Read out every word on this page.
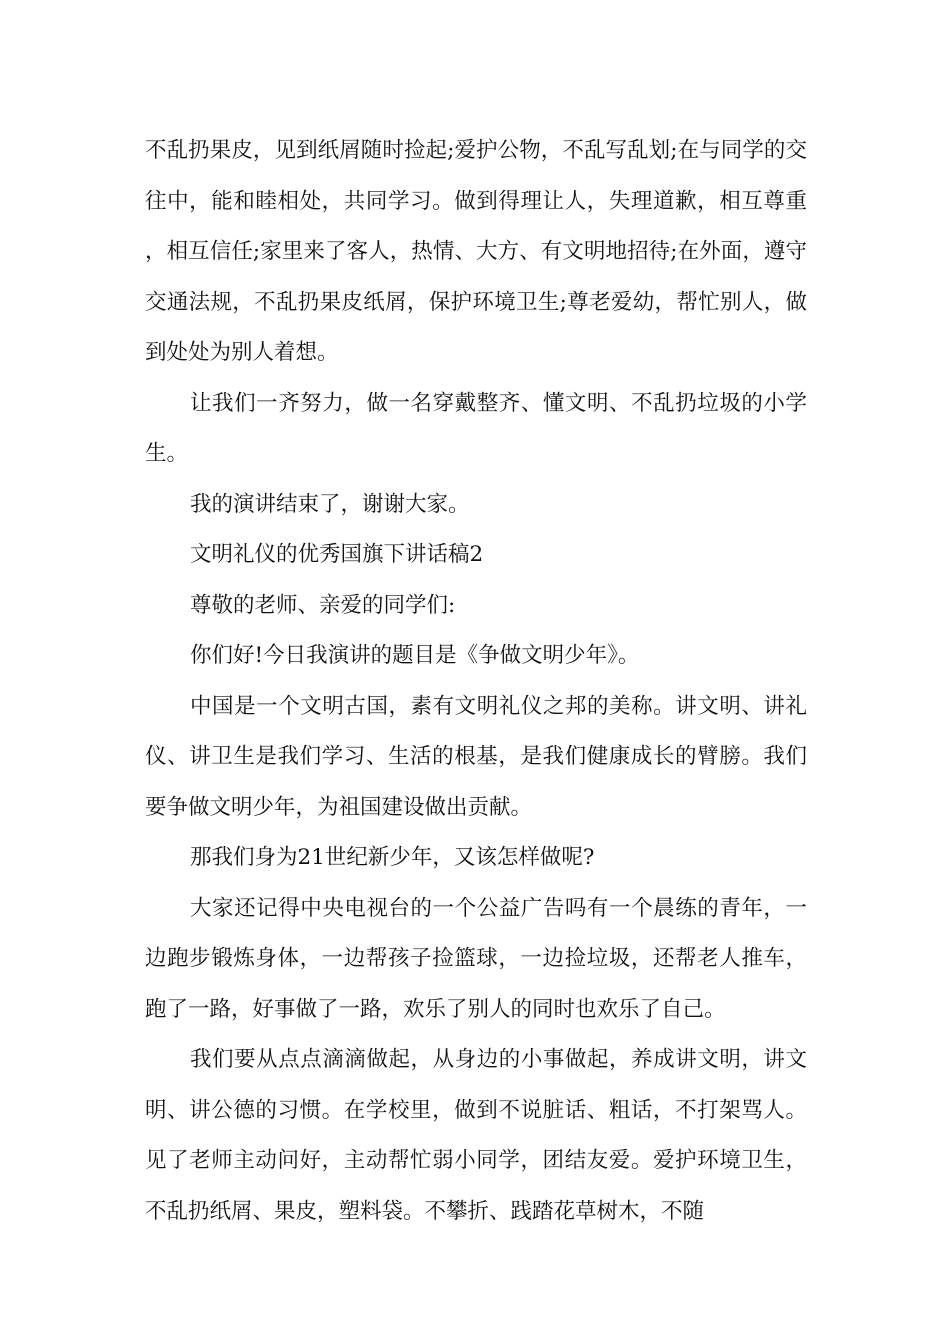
不乱扔果皮，见到纸屑随时捡起;爱护公物，不乱写乱划;在与同学的交往中，能和睦相处，共同学习。做到得理让人，失理道歉，相互尊重，相互信任;家里来了客人，热情、大方、有文明地招待;在外面，遵守交通法规，不乱扔果皮纸屑，保护环境卫生;尊老爱幼，帮忙别人，做到处处为别人着想。

让我们一齐努力，做一名穿戴整齐、懂文明、不乱扔垃圾的小学生。

我的演讲结束了，谢谢大家。

文明礼仪的优秀国旗下讲话稿2

尊敬的老师、亲爱的同学们:

你们好!今日我演讲的题目是《争做文明少年》。

中国是一个文明古国，素有文明礼仪之邦的美称。讲文明、讲礼仪、讲卫生是我们学习、生活的根基，是我们健康成长的臂膀。我们要争做文明少年，为祖国建设做出贡献。

那我们身为21世纪新少年，又该怎样做呢?

大家还记得中央电视台的一个公益广告吗有一个晨练的青年，一边跑步锻炼身体，一边帮孩子捡篮球，一边捡垃圾，还帮老人推车，跑了一路，好事做了一路，欢乐了别人的同时也欢乐了自己。

我们要从点点滴滴做起，从身边的小事做起，养成讲文明，讲文明、讲公德的习惯。在学校里，做到不说脏话、粗话，不打架骂人。见了老师主动问好，主动帮忙弱小同学，团结友爱。爱护环境卫生，不乱扔纸屑、果皮，塑料袋。不攀折、践踏花草树木，不随
